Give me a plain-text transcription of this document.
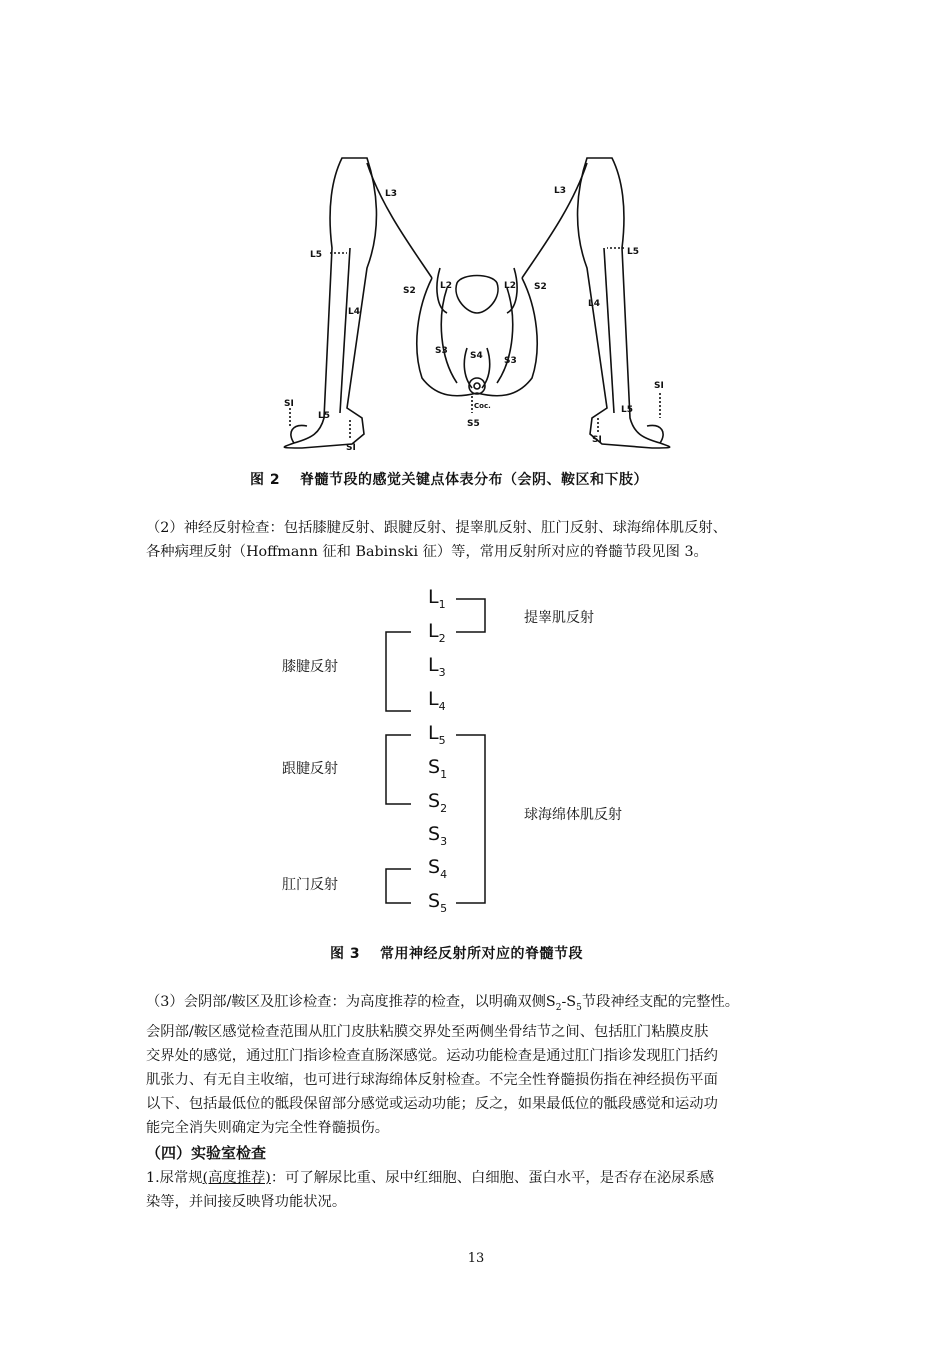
L3	L3
L5	L5
L4
L4
S2	S2
L2	L2
S3
S3
S4
Coc.
S5
SI
SI
SI
SI
L5
L5
图 2　 脊髓节段的感觉关键点体表分布（会阴、鞍区和下肢）

（2）神经反射检查：包括膝腱反射、跟腱反射、提睾肌反射、肛门反射、球海绵体肌反射、

各种病理反射（Hoffmann 征和 Babinski 征）等，常用反射所对应的脊髓节段见图 3。

$L_1$
$L_2$
$L_3$
$L_4$
$L_5$
$S_1$
$S_2$
$S_3$
$S_4$
$S_5$
提睾肌反射
膝腱反射
跟腱反射
球海绵体肌反射
肛门反射
图 3　 常用神经反射所对应的脊髓节段

（3）会阴部/鞍区及肛诊检查：为高度推荐的检查，以明确双侧$S_2-S_5$节段神经支配的完整性。

会阴部/鞍区感觉检查范围从肛门皮肤粘膜交界处至两侧坐骨结节之间、包括肛门粘膜皮肤

交界处的感觉，通过肛门指诊检查直肠深感觉。运动功能检查是通过肛门指诊发现肛门括约

肌张力、有无自主收缩，也可进行球海绵体反射检查。不完全性脊髓损伤指在神经损伤平面

以下、包括最低位的骶段保留部分感觉或运动功能；反之，如果最低位的骶段感觉和运动功

能完全消失则确定为完全性脊髓损伤。

（四）实验室检查

1.尿常规(高度推荐)：可了解尿比重、尿中红细胞、白细胞、蛋白水平，是否存在泌尿系感

染等，并间接反映肾功能状况。

13
